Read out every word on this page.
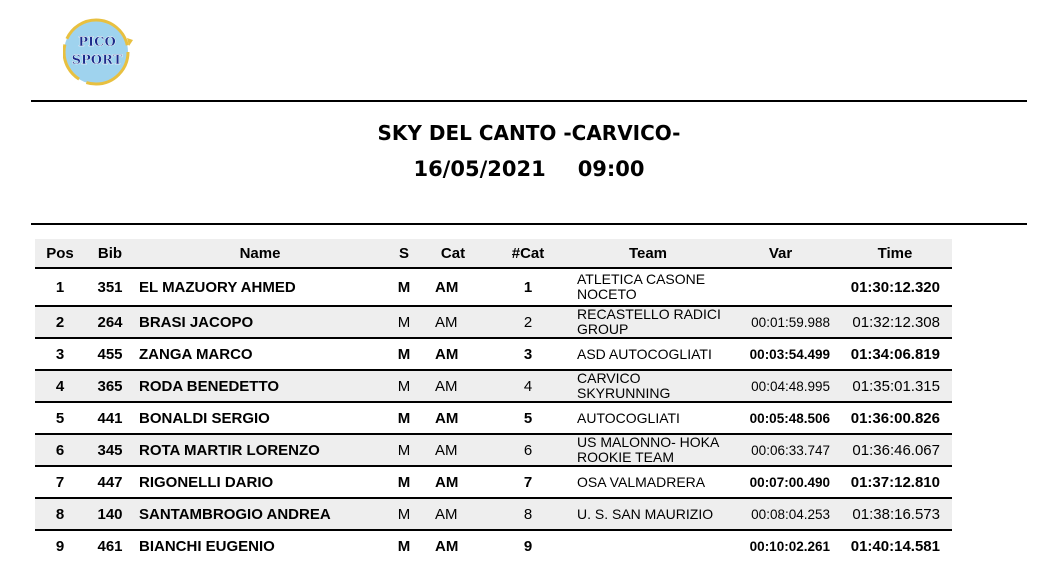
PICO
SPORT
SKY DEL CANTO -CARVICO-
16/05/2021 09:00
Pos	Bib	Name	S	Cat	#Cat	Team	Var	Time
1	351	EL MAZUORY AHMED	M	AM	1	ATLETICA CASONE NOCETO		01:30:12.320
2	264	BRASI JACOPO	M	AM	2	RECASTELLO RADICI GROUP	00:01:59.988	01:32:12.308
3	455	ZANGA MARCO	M	AM	3	ASD AUTOCOGLIATI	00:03:54.499	01:34:06.819
4	365	RODA BENEDETTO	M	AM	4	CARVICO SKYRUNNING	00:04:48.995	01:35:01.315
5	441	BONALDI SERGIO	M	AM	5	AUTOCOGLIATI	00:05:48.506	01:36:00.826
6	345	ROTA MARTIR LORENZO	M	AM	6	US MALONNO- HOKA ROOKIE TEAM	00:06:33.747	01:36:46.067
7	447	RIGONELLI DARIO	M	AM	7	OSA VALMADRERA	00:07:00.490	01:37:12.810
8	140	SANTAMBROGIO ANDREA	M	AM	8	U. S. SAN MAURIZIO	00:08:04.253	01:38:16.573
9	461	BIANCHI EUGENIO	M	AM	9		00:10:02.261	01:40:14.581
